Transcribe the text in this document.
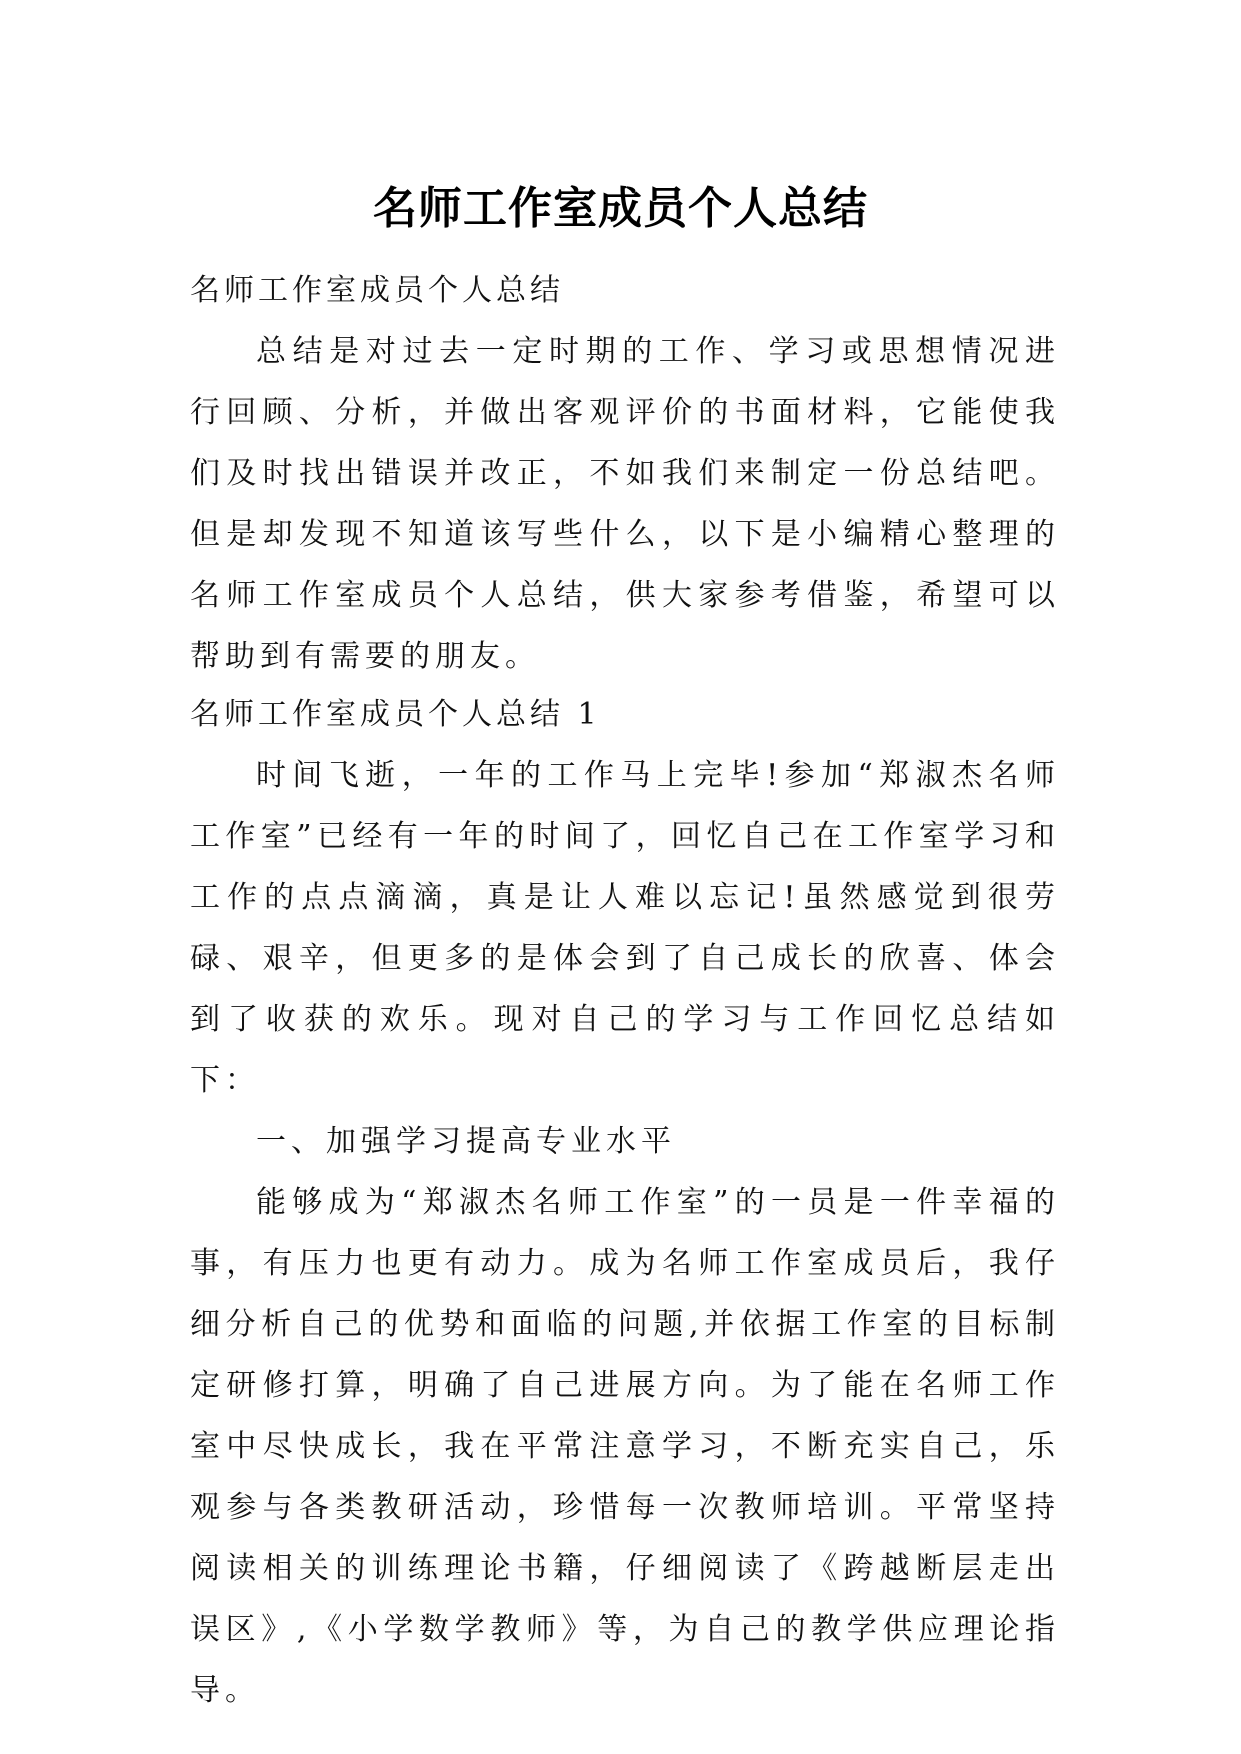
名师工作室成员个人总结

名师工作室成员个人总结

总结是对过去一定时期的工作、学习或思想情况进行回顾、分析，并做出客观评价的书面材料，它能使我们及时找出错误并改正，不如我们来制定一份总结吧。但是却发现不知道该写些什么，以下是小编精心整理的名师工作室成员个人总结，供大家参考借鉴，希望可以帮助到有需要的朋友。

名师工作室成员个人总结 1

时间飞逝，一年的工作马上完毕!参加“郑淑杰名师工作室”已经有一年的时间了，回忆自己在工作室学习和工作的点点滴滴，真是让人难以忘记!虽然感觉到很劳碌、艰辛，但更多的是体会到了自己成长的欣喜、体会到了收获的欢乐。现对自己的学习与工作回忆总结如下：

一、加强学习提高专业水平

能够成为“郑淑杰名师工作室”的一员是一件幸福的事，有压力也更有动力。成为名师工作室成员后，我仔细分析自己的优势和面临的问题,并依据工作室的目标制定研修打算，明确了自己进展方向。为了能在名师工作室中尽快成长，我在平常注意学习，不断充实自己，乐观参与各类教研活动，珍惜每一次教师培训。平常坚持阅读相关的训练理论书籍，仔细阅读了《跨越断层走出误区》,《小学数学教师》等，为自己的教学供应理论指导。
